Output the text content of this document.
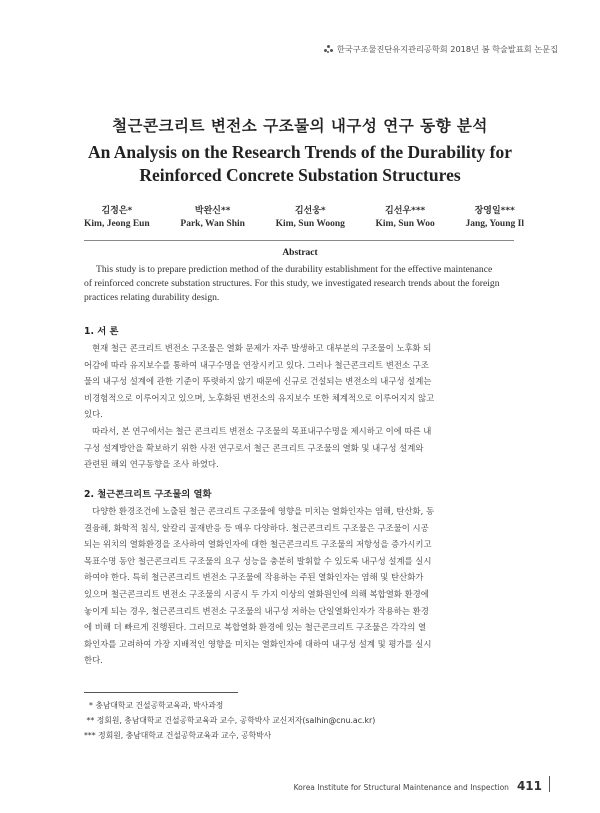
한국구조물진단유지관리공학회 2018년 봄 학술발표회 논문집
철근콘크리트 변전소 구조물의 내구성 연구 동향 분석
An Analysis on the Research Trends of the Durability for
Reinforced Concrete Substation Structures
김정은*
Kim, Jeong Eun
박완신**
Park, Wan Shin
김선웅*
Kim, Sun Woong
김선우***
Kim, Sun Woo
장영일***
Jang, Young Il
Abstract
This study is to prepare prediction method of the durability establishment for the effective maintenance
of reinforced concrete substation structures. For this study, we investigated research trends about the foreign
practices relating durability design.
1. 서 론
현재 철근 콘크리트 변전소 구조물은 열화 문제가 자주 발생하고 대부분의 구조물이 노후화 되
어감에 따라 유지보수를 통하여 내구수명을 연장시키고 있다. 그러나 철근콘크리트 변전소 구조
물의 내구성 설계에 관한 기준이 뚜렷하지 않기 때문에 신규로 건설되는 변전소의 내구성 설계는
비경험적으로 이루어지고 있으며, 노후화된 변전소의 유지보수 또한 체계적으로 이루어지지 않고
있다.
따라서, 본 연구에서는 철근 콘크리트 변전소 구조물의 목표내구수명을 제시하고 이에 따른 내
구성 설계방안을 확보하기 위한 사전 연구로서 철근 콘크리트 구조물의 열화 및 내구성 설계와
관련된 해외 연구동향을 조사 하였다.
2. 철근콘크리트 구조물의 열화
다양한 환경조건에 노출된 철근 콘크리트 구조물에 영향을 미치는 열화인자는 염해, 탄산화, 동
결융해, 화학적 침식, 알칼리 골재반응 등 매우 다양하다. 철근콘크리트 구조물은 구조물이 시공
되는 위치의 열화환경을 조사하여 열화인자에 대한 철근콘크리트 구조물의 저항성을 증가시키고
목표수명 동안 철근콘크리트 구조물의 요구 성능을 충분히 발휘할 수 있도록 내구성 설계를 실시
하여야 한다. 특히 철근콘크리트 변전소 구조물에 작용하는 주된 열화인자는 염해 및 탄산화가
있으며 철근콘크리트 변전소 구조물의 시공시 두 가지 이상의 열화원인에 의해 복합열화 환경에
놓이게 되는 경우, 철근콘크리트 변전소 구조물의 내구성 저하는 단일열화인자가 작용하는 환경
에 비해 더 빠르게 진행된다. 그러므로 복합열화 환경에 있는 철근콘크리트 구조물은 각각의 열
화인자를 고려하여 가장 지배적인 영향을 미치는 열화인자에 대하여 내구성 설계 및 평가를 실시
한다.
* 충남대학교 건설공학교육과, 박사과정
** 정회원, 충남대학교 건설공학교육과 교수, 공학박사 교신저자(salhin@cnu.ac.kr)
*** 정회원, 충남대학교 건설공학교육과 교수, 공학박사
Korea Institute for Structural Maintenance and Inspection 411
